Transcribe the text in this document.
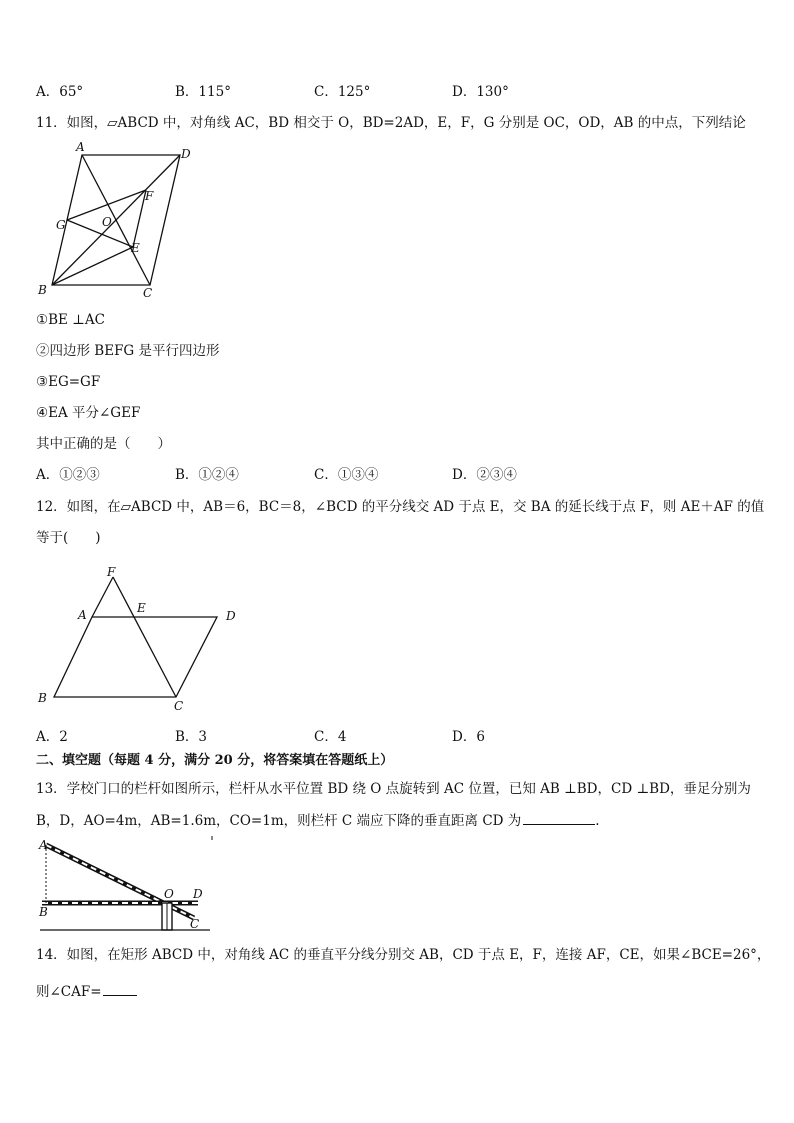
A．65°	B．115°	C．125°	D．130°
11．如图，▱ABCD 中，对角线 AC，BD 相交于 O，BD=2AD，E，F，G 分别是 OC，OD，AB 的中点，下列结论
A	D
F
G	O
E
B	C
①BE ⊥AC
②四边形 BEFG 是平行四边形
③EG=GF
④EA 平分∠GEF
其中正确的是（　　）
A．①②③	B．①②④	C．①③④	D．②③④
12．如图，在▱ABCD 中，AB＝6，BC＝8，∠BCD 的平分线交 AD 于点 E，交 BA 的延长线于点 F，则 AE＋AF 的值
等于(　　)
F
A	E
D
B
C
A．2	B．3	C．4	D．6
二、填空题（每题 4 分，满分 20 分，将答案填在答题纸上）
13．学校门口的栏杆如图所示，栏杆从水平位置 BD 绕 O 点旋转到 AC 位置，已知 AB ⊥BD，CD ⊥BD，垂足分别为
B，D，AO=4m，AB=1.6m，CO=1m，则栏杆 C 端应下降的垂直距离 CD 为	.
A
B
O D
C
14．如图，在矩形 ABCD 中，对角线 AC 的垂直平分线分别交 AB，CD 于点 E，F，连接 AF，CE，如果∠BCE=26°，
则∠CAF=
